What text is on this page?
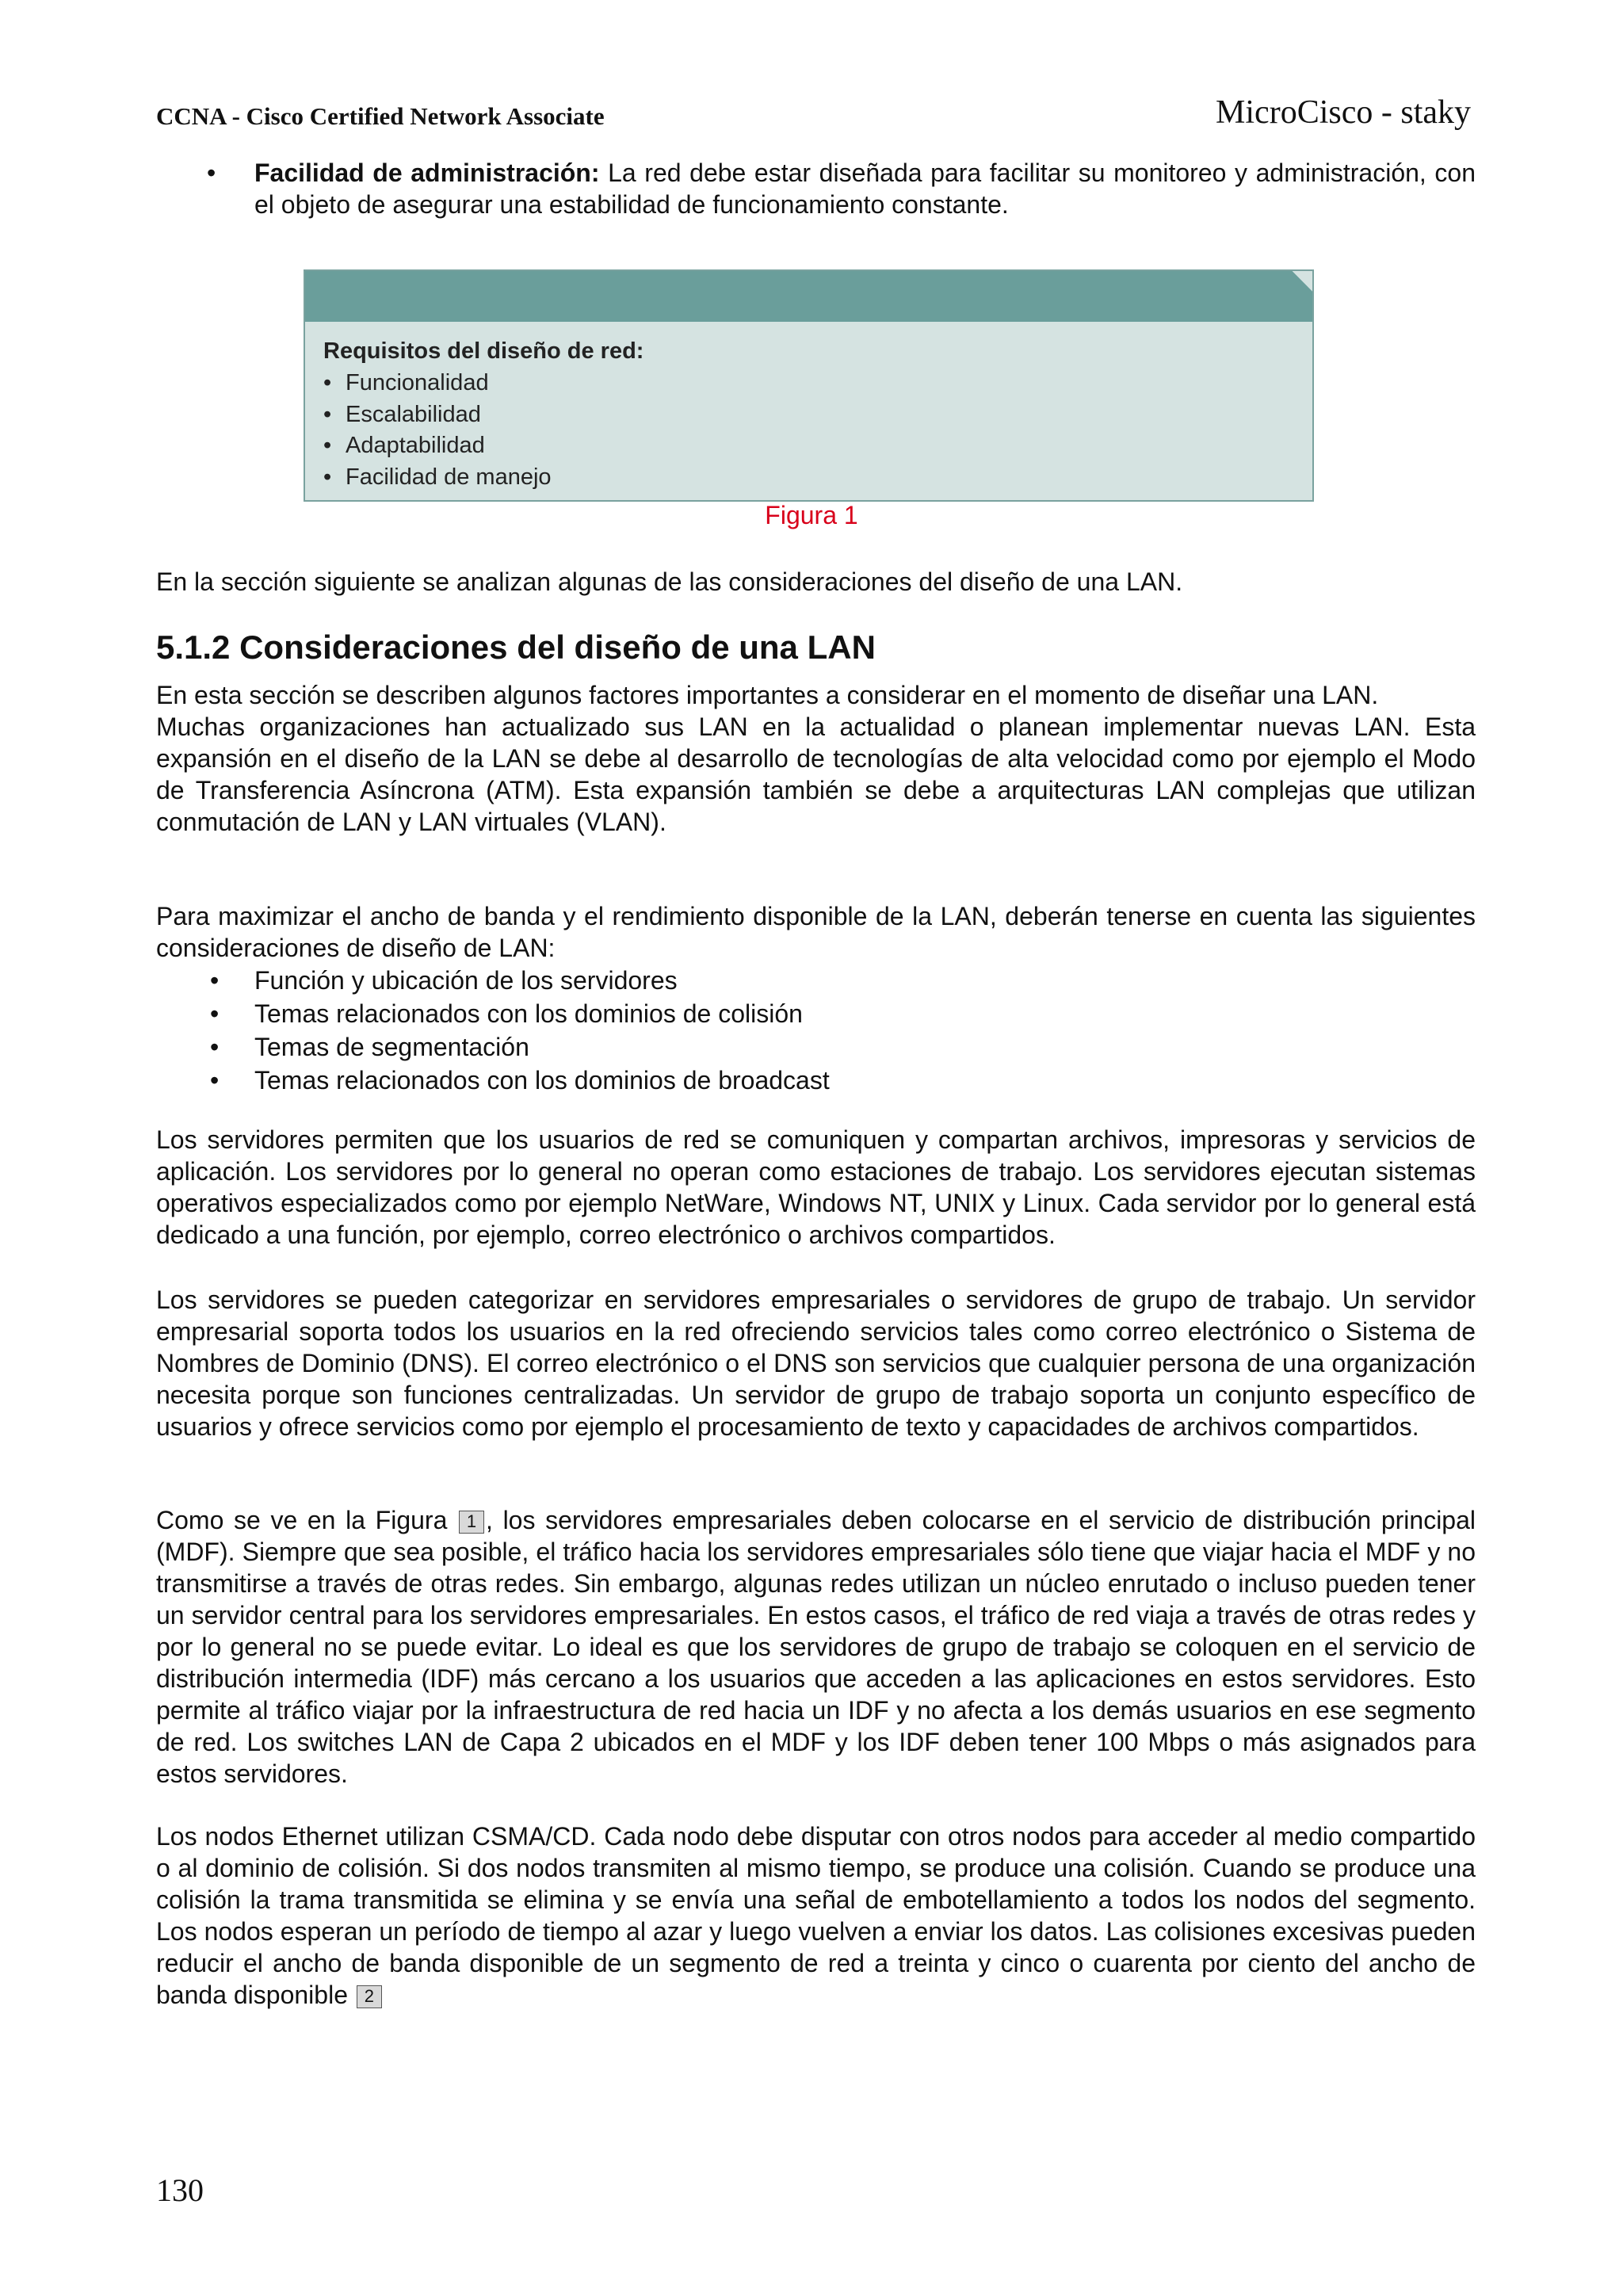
CCNA - Cisco Certified Network Associate	MicroCisco - staky
• Facilidad de administración: La red debe estar diseñada para facilitar su monitoreo y administración, con el objeto de asegurar una estabilidad de funcionamiento constante.
Requisitos del diseño de red:
• Funcionalidad
• Escalabilidad
• Adaptabilidad
• Facilidad de manejo
Figura 1
En la sección siguiente se analizan algunas de las consideraciones del diseño de una LAN.
5.1.2 Consideraciones del diseño de una LAN
En esta sección se describen algunos factores importantes a considerar en el momento de diseñar una LAN.
Muchas organizaciones han actualizado sus LAN en la actualidad o planean implementar nuevas LAN. Esta expansión en el diseño de la LAN se debe al desarrollo de tecnologías de alta velocidad como por ejemplo el Modo de Transferencia Asíncrona (ATM). Esta expansión también se debe a arquitecturas LAN complejas que utilizan conmutación de LAN y LAN virtuales (VLAN).
Para maximizar el ancho de banda y el rendimiento disponible de la LAN, deberán tenerse en cuenta las siguientes consideraciones de diseño de LAN:
• Función y ubicación de los servidores
• Temas relacionados con los dominios de colisión
• Temas de segmentación
• Temas relacionados con los dominios de broadcast
Los servidores permiten que los usuarios de red se comuniquen y compartan archivos, impresoras y servicios de aplicación. Los servidores por lo general no operan como estaciones de trabajo. Los servidores ejecutan sistemas operativos especializados como por ejemplo NetWare, Windows NT, UNIX y Linux. Cada servidor por lo general está dedicado a una función, por ejemplo, correo electrónico o archivos compartidos.
Los servidores se pueden categorizar en servidores empresariales o servidores de grupo de trabajo. Un servidor empresarial soporta todos los usuarios en la red ofreciendo servicios tales como correo electrónico o Sistema de Nombres de Dominio (DNS). El correo electrónico o el DNS son servicios que cualquier persona de una organización necesita porque son funciones centralizadas. Un servidor de grupo de trabajo soporta un conjunto específico de usuarios y ofrece servicios como por ejemplo el procesamiento de texto y capacidades de archivos compartidos.
Como se ve en la Figura 1 , los servidores empresariales deben colocarse en el servicio de distribución principal (MDF). Siempre que sea posible, el tráfico hacia los servidores empresariales sólo tiene que viajar hacia el MDF y no transmitirse a través de otras redes. Sin embargo, algunas redes utilizan un núcleo enrutado o incluso pueden tener un servidor central para los servidores empresariales. En estos casos, el tráfico de red viaja a través de otras redes y por lo general no se puede evitar. Lo ideal es que los servidores de grupo de trabajo se coloquen en el servicio de distribución intermedia (IDF) más cercano a los usuarios que acceden a las aplicaciones en estos servidores. Esto permite al tráfico viajar por la infraestructura de red hacia un IDF y no afecta a los demás usuarios en ese segmento de red. Los switches LAN de Capa 2 ubicados en el MDF y los IDF deben tener 100 Mbps o más asignados para estos servidores.
Los nodos Ethernet utilizan CSMA/CD. Cada nodo debe disputar con otros nodos para acceder al medio compartido o al dominio de colisión. Si dos nodos transmiten al mismo tiempo, se produce una colisión. Cuando se produce una colisión la trama transmitida se elimina y se envía una señal de embotellamiento a todos los nodos del segmento. Los nodos esperan un período de tiempo al azar y luego vuelven a enviar los datos. Las colisiones excesivas pueden reducir el ancho de banda disponible de un segmento de red a treinta y cinco o cuarenta por ciento del ancho de banda disponible 2
130
